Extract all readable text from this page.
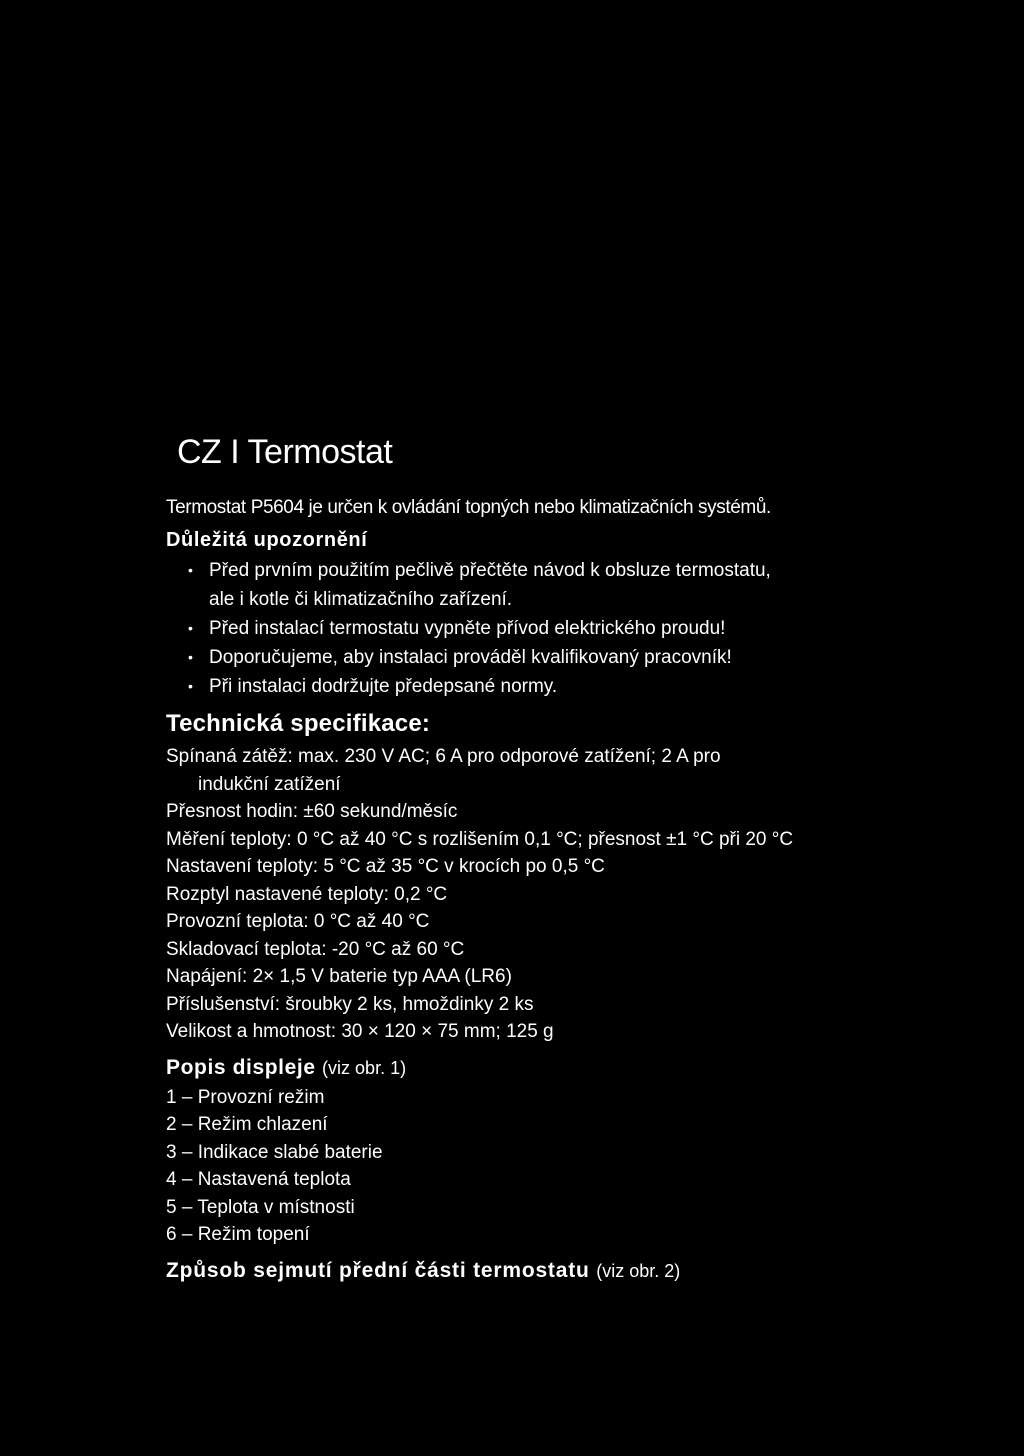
CZ I Termostat

Termostat P5604 je určen k ovládání topných nebo klimatizačních systémů.

Důležitá upozornění

• Před prvním použitím pečlivě přečtěte návod k obsluze termostatu,
ale i kotle či klimatizačního zařízení.
• Před instalací termostatu vypněte přívod elektrického proudu!
• Doporučujeme, aby instalaci prováděl kvalifikovaný pracovník!
• Při instalaci dodržujte předepsané normy.

Technická specifikace:

Spínaná zátěž: max. 230 V AC; 6 A pro odporové zatížení; 2 A pro

indukční zatížení

Přesnost hodin: ±60 sekund/měsíc

Měření teploty: 0 °C až 40 °C s rozlišením 0,1 °C; přesnost ±1 °C při 20 °C

Nastavení teploty: 5 °C až 35 °C v krocích po 0,5 °C

Rozptyl nastavené teploty: 0,2 °C

Provozní teplota: 0 °C až 40 °C

Skladovací teplota: -20 °C až 60 °C

Napájení: 2× 1,5 V baterie typ AAA (LR6)

Příslušenství: šroubky 2 ks, hmoždinky 2 ks

Velikost a hmotnost: 30 × 120 × 75 mm; 125 g

Popis displeje (viz obr. 1)

1 – Provozní režim

2 – Režim chlazení

3 – Indikace slabé baterie

4 – Nastavená teplota

5 – Teplota v místnosti

6 – Režim topení

Způsob sejmutí přední části termostatu (viz obr. 2)
